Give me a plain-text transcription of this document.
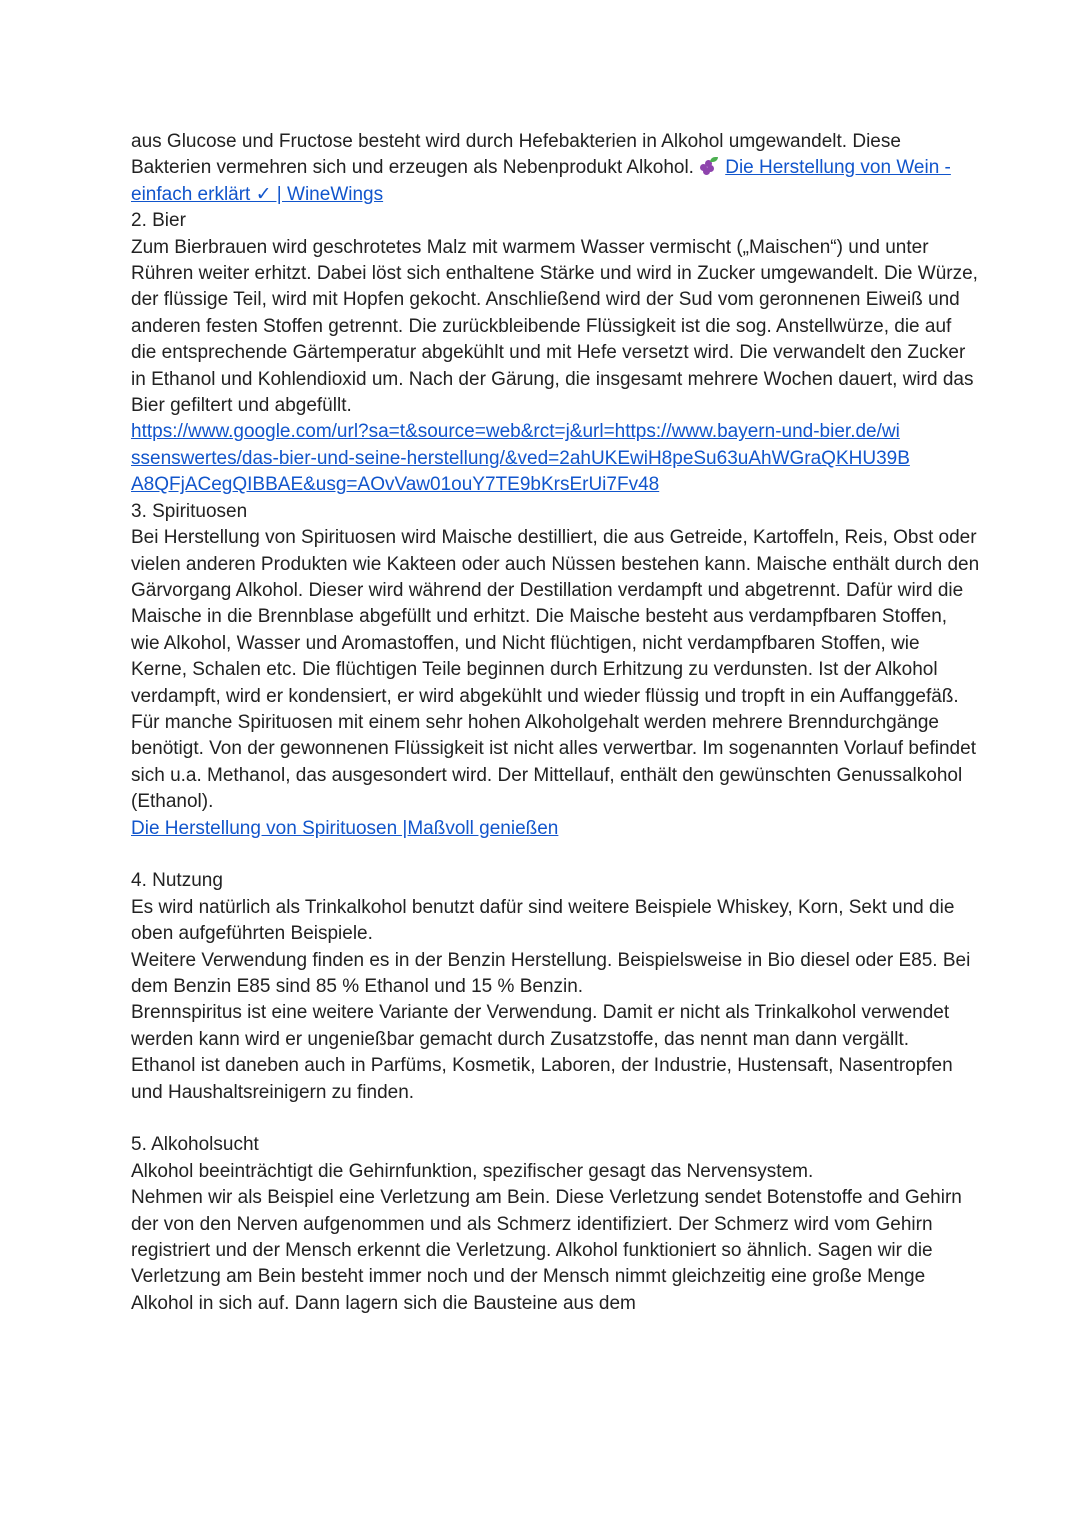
aus Glucose und Fructose besteht wird durch Hefebakterien in Alkohol umgewandelt. Diese Bakterien vermehren sich und erzeugen als Nebenprodukt Alkohol. Die Herstellung von Wein - einfach erklärt ✓ | WineWings

2. Bier

Zum Bierbrauen wird geschrotetes Malz mit warmem Wasser vermischt („Maischen“) und unter Rühren weiter erhitzt. Dabei löst sich enthaltene Stärke und wird in Zucker umgewandelt. Die Würze, der flüssige Teil, wird mit Hopfen gekocht. Anschließend wird der Sud vom geronnenen Eiweiß und anderen festen Stoffen getrennt. Die zurückbleibende Flüssigkeit ist die sog. Anstellwürze, die auf die entsprechende Gärtemperatur abgekühlt und mit Hefe versetzt wird. Die verwandelt den Zucker in Ethanol und Kohlendioxid um. Nach der Gärung, die insgesamt mehrere Wochen dauert, wird das Bier gefiltert und abgefüllt.

https://www.google.com/url?sa=t&source=web&rct=j&url=https://www.bayern-und-bier.de/wi
ssenswertes/das-bier-und-seine-herstellung/&ved=2ahUKEwiH8peSu63uAhWGraQKHU39B
A8QFjACegQIBBAE&usg=AOvVaw01ouY7TE9bKrsErUi7Fv48

3. Spirituosen

Bei Herstellung von Spirituosen wird Maische destilliert, die aus Getreide, Kartoffeln, Reis, Obst oder vielen anderen Produkten wie Kakteen oder auch Nüssen bestehen kann. Maische enthält durch den Gärvorgang Alkohol. Dieser wird während der Destillation verdampft und abgetrennt. Dafür wird die Maische in die Brennblase abgefüllt und erhitzt. Die Maische besteht aus verdampfbaren Stoffen, wie Alkohol, Wasser und Aromastoffen, und Nicht flüchtigen, nicht verdampfbaren Stoffen, wie Kerne, Schalen etc. Die flüchtigen Teile beginnen durch Erhitzung zu verdunsten. Ist der Alkohol verdampft, wird er kondensiert, er wird abgekühlt und wieder flüssig und tropft in ein Auffanggefäß. Für manche Spirituosen mit einem sehr hohen Alkoholgehalt werden mehrere Brenndurchgänge benötigt. Von der gewonnenen Flüssigkeit ist nicht alles verwertbar. Im sogenannten Vorlauf befindet sich u.a. Methanol, das ausgesondert wird. Der Mittellauf, enthält den gewünschten Genussalkohol (Ethanol).

Die Herstellung von Spirituosen |Maßvoll genießen

4. Nutzung

Es wird natürlich als Trinkalkohol benutzt dafür sind weitere Beispiele Whiskey, Korn, Sekt und die oben aufgeführten Beispiele.

Weitere Verwendung finden es in der Benzin Herstellung. Beispielsweise in Bio diesel oder E85. Bei dem Benzin E85 sind 85 % Ethanol und 15 % Benzin.

Brennspiritus ist eine weitere Variante der Verwendung. Damit er nicht als Trinkalkohol verwendet werden kann wird er ungenießbar gemacht durch Zusatzstoffe, das nennt man dann vergällt.

Ethanol ist daneben auch in Parfüms, Kosmetik, Laboren, der Industrie, Hustensaft, Nasentropfen und Haushaltsreinigern zu finden.

5. Alkoholsucht

Alkohol beeinträchtigt die Gehirnfunktion, spezifischer gesagt das Nervensystem.

Nehmen wir als Beispiel eine Verletzung am Bein. Diese Verletzung sendet Botenstoffe and Gehirn der von den Nerven aufgenommen und als Schmerz identifiziert. Der Schmerz wird vom Gehirn registriert und der Mensch erkennt die Verletzung. Alkohol funktioniert so ähnlich. Sagen wir die Verletzung am Bein besteht immer noch und der Mensch nimmt gleichzeitig eine große Menge Alkohol in sich auf. Dann lagern sich die Bausteine aus dem
